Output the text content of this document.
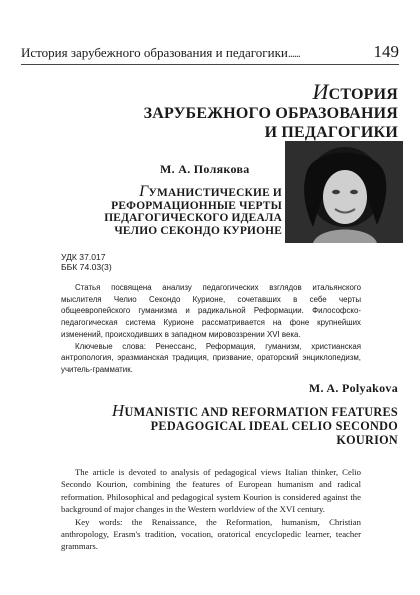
История зарубежного образования и педагогики ......	149
ИСТОРИЯ
ЗАРУБЕЖНОГО ОБРАЗОВАНИЯ
И ПЕДАГОГИКИ
М. А. Полякова
ГУМАНИСТИЧЕСКИЕ И
РЕФОРМАЦИОННЫЕ ЧЕРТЫ
ПЕДАГОГИЧЕСКОГО ИДЕАЛА
ЧЕЛИО СЕКОНДО КУРИОНЕ
УДК 37.017
ББК 74.03(3)

Статья посвящена анализу педагогических взглядов итальянского мыслителя Челио Секондо Курионе, сочетавших в себе черты общеевропейского гуманизма и радикальной Реформации. Философско-педагогическая система Курионе рассматривается на фоне крупнейших изменений, происходивших в западном мировоззрении XVI века.

Ключевые слова: Ренессанс, Реформация, гуманизм, христианская антропология, эразмианская традиция, призвание, ораторский энциклопедизм, учитель-грамматик.

M. A. Polyakova
HUMANISTIC AND REFORMATION FEATURES
PEDAGOGICAL IDEAL CELIO SECONDO
KOURION

The article is devoted to analysis of pedagogical views Italian thinker, Celio Secondo Kourion, combining the features of European humanism and radical reformation. Philosophical and pedagogical system Kourion is considered against the background of major changes in the Western worldview of the XVI century.

Key words: the Renaissance, the Reformation, humanism, Christian anthropology, Erasm's tradition, vocation, oratorical encyclopedic learner, teacher grammars.
